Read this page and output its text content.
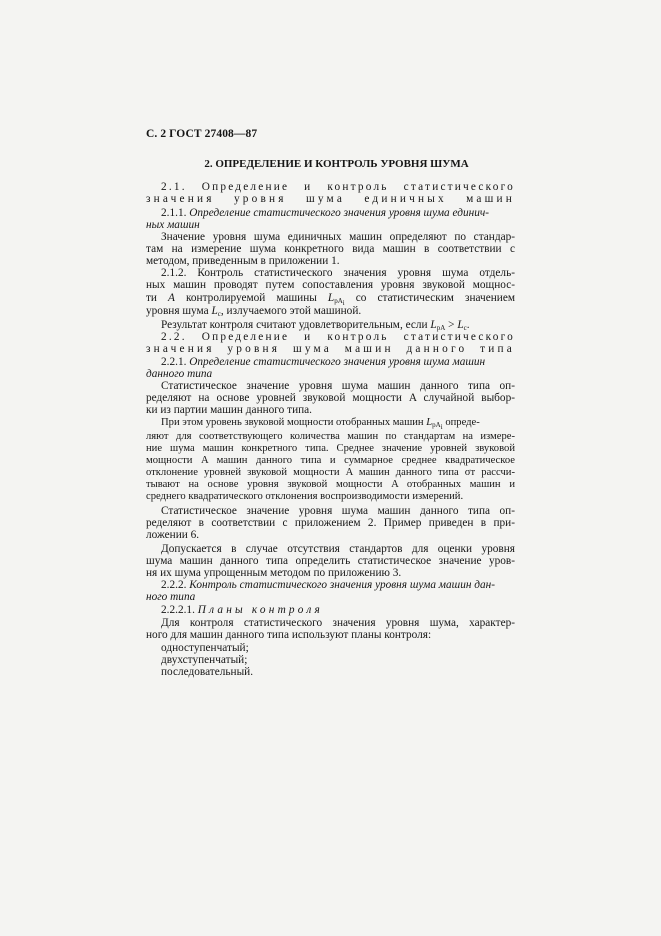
С. 2 ГОСТ 27408—87
2. ОПРЕДЕЛЕНИЕ И КОНТРОЛЬ УРОВНЯ ШУМА
2.1. Определение и контроль статистического
значения уровня шума единичных машин
2.1.1. Определение статистического значения уровня шума единич-
ных машин
Значение уровня шума единичных машин определяют по стандар-
там на измерение шума конкретного вида машин в соответствии с
методом, приведенным в приложении 1.
2.1.2. Контроль статистического значения уровня шума отдель-
ных машин проводят путем сопоставления уровня звуковой мощнос-
ти A контролируемой машины $L_{pA_i}$ со статистическим значением
уровня шума $L_c$, излучаемого этой машиной.
Результат контроля считают удовлетворительным, если $L_{pA} > L_c$.
2.2. Определение и контроль статистического
значения уровня шума машин данного типа
2.2.1. Определение статистического значения уровня шума машин
данного типа
Статистическое значение уровня шума машин данного типа оп-
ределяют на основе уровней звуковой мощности A случайной выбор-
ки из партии машин данного типа.
При этом уровень звуковой мощности отобранных машин $L_{pA_i}$ опреде-
ляют для соответствующего количества машин по стандартам на измере-
ние шума машин конкретного типа. Среднее значение уровней звуковой
мощности A машин данного типа и суммарное среднее квадратическое
отклонение уровней звуковой мощности A машин данного типа σт рассчи-
тывают на основе уровня звуковой мощности A отобранных машин и
среднего квадратического отклонения воспроизводимости измерений.
Статистическое значение уровня шума машин данного типа оп-
ределяют в соответствии с приложением 2. Пример приведен в при-
ложении 6.
Допускается в случае отсутствия стандартов для оценки уровня
шума машин данного типа определить статистическое значение уров-
ня их шума упрощенным методом по приложению 3.
2.2.2. Контроль статистического значения уровня шума машин дан-
ного типа
2.2.2.1. Планы контроля
Для контроля статистического значения уровня шума, характер-
ного для машин данного типа используют планы контроля:
одноступенчатый;
двухступенчатый;
последовательный.
